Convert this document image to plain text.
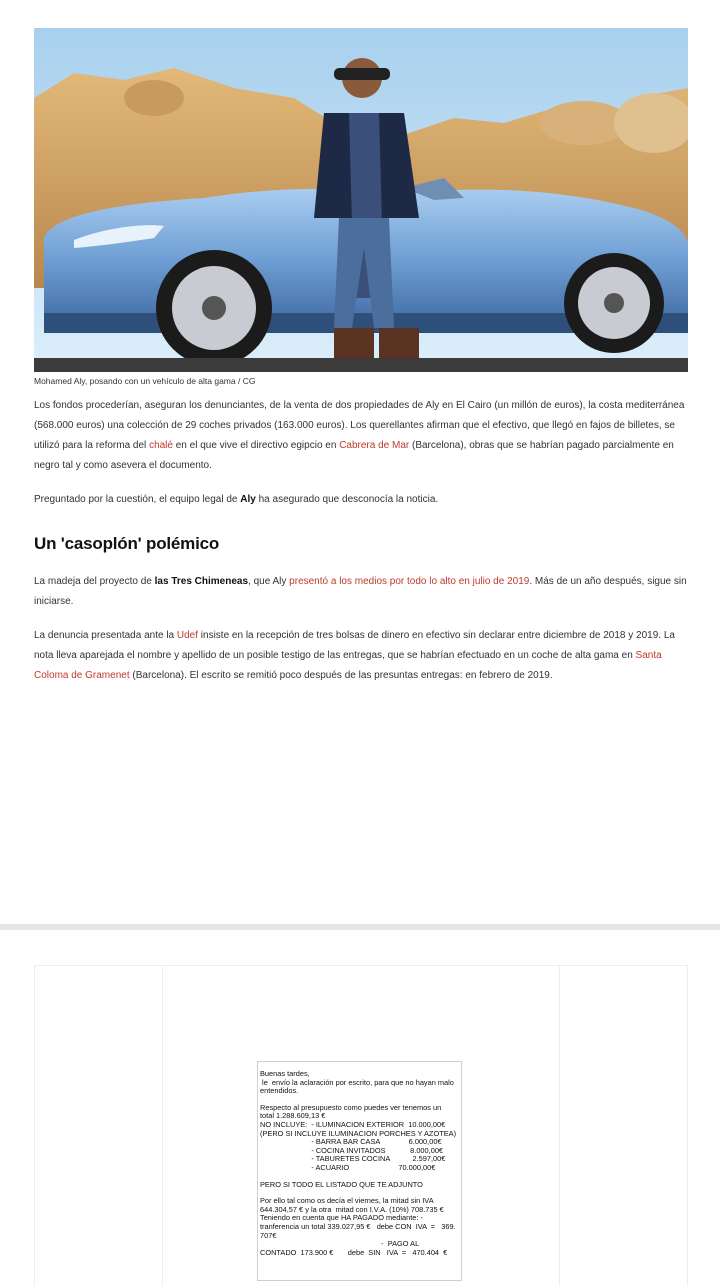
Mohamed Aly, posando con un vehículo de alta gama / CG

Los fondos procederían, aseguran los denunciantes, de la venta de dos propiedades de Aly en El Cairo (un millón de euros), la costa mediterránea (568.000 euros) una colección de 29 coches privados (163.000 euros). Los querellantes afirman que el efectivo, que llegó en fajos de billetes, se utilizó para la reforma del chalé en el que vive el directivo egipcio en Cabrera de Mar (Barcelona), obras que se habrían pagado parcialmente en negro tal y como asevera el documento.

Preguntado por la cuestión, el equipo legal de Aly ha asegurado que desconocía la noticia.

Un 'casoplón' polémico

La madeja del proyecto de las Tres Chimeneas, que Aly presentó a los medios por todo lo alto en julio de 2019. Más de un año después, sigue sin iniciarse.

La denuncia presentada ante la Udef insiste en la recepción de tres bolsas de dinero en efectivo sin declarar entre diciembre de 2018 y 2019. La nota lleva aparejada el nombre y apellido de un posible testigo de las entregas, que se habrían efectuado en un coche de alta gama en Santa Coloma de Gramenet (Barcelona). El escrito se remitió poco después de las presuntas entregas: en febrero de 2019.

Buenas tardes,
le  envío la aclaración por escrito, para que no hayan malo
entendidos.
Respecto al presupuesto como puedes ver tenemos un
total 1.288.609,13 €
NO INCLUYE:  - ILUMINACION EXTERIOR  10.000,00€
(PERO SI INCLUYE ILUMINACION PORCHES Y AZOTEA)
- BARRA BAR CASA              6.000,00€
- COCINA INVITADOS            8.000,00€
- TABURETES COCINA           2.597,00€
- ACUARIO                        70.000,00€
PERO SI TODO EL LISTADO QUE TE ADJUNTO
Por ello tal como os decía el viernes, la mitad sin IVA
644.304,57 € y la otra  mitad con I.V.A. (10%) 708.735 €
Teniendo en cuenta que HA PAGADO mediante: -
tranferencia un total 339.027,95 €   debe CON  IVA  =   369.
707€
-  PAGO AL
CONTADO  173.900 €       debe  SIN   IVA  =   470.404  €
